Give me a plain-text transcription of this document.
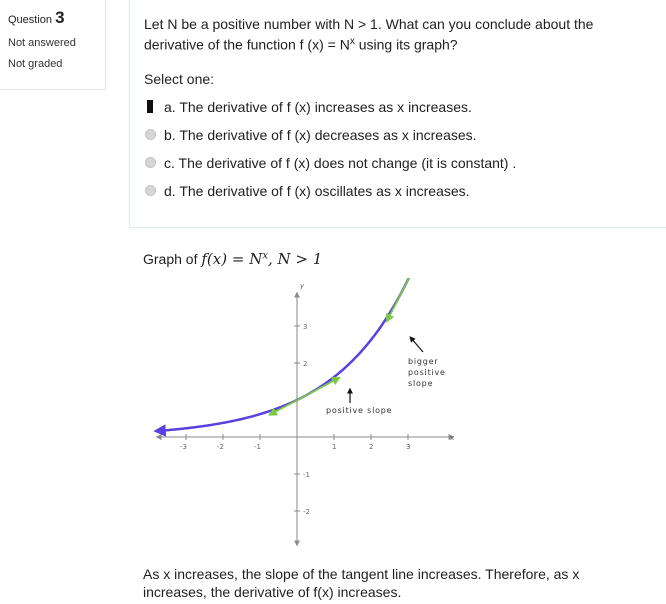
Question 3
Not answered
Not graded
Let N be a positive number with N > 1. What can you conclude about the
derivative of the function f $(x) = N^x$ using its graph?
Select one:
a. The derivative of f (x) increases as x increases.
b. The derivative of f (x) decreases as x increases.
c. The derivative of f (x) does not change (it is constant) .
d. The derivative of f (x) oscillates as x increases.
Graph of $f(x) = N^x$, N > 1
x
y
-3	-2	-1	1	2	3
-2
-1
2
3
bigger
positive
slope
positive slope
As x increases, the slope of the tangent line increases. Therefore, as x increases, the derivative of f(x) increases.
